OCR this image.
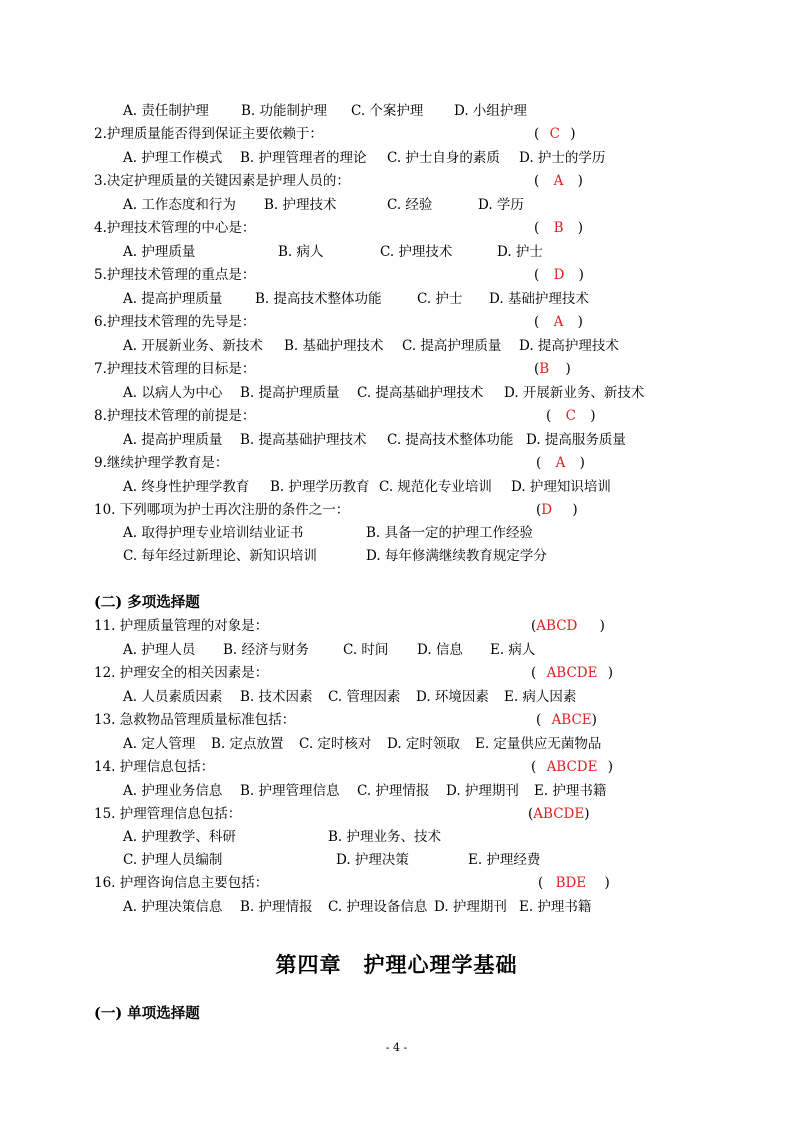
A. 责任制护理 B. 功能制护理 C. 个案护理 D. 小组护理
2.护理质量能否得到保证主要依赖于：	( C )
A. 护理工作模式 B. 护理管理者的理论 C. 护士自身的素质 D. 护士的学历
3.决定护理质量的关键因素是护理人员的：	( A )
A. 工作态度和行为 B. 护理技术	C. 经验	D. 学历
4.护理技术管理的中心是：	( B )
A. 护理质量	B. 病人	C. 护理技术	D. 护士
5.护理技术管理的重点是：	( D )
A. 提高护理质量 B. 提高技术整体功能	C. 护士 D. 基础护理技术
6.护理技术管理的先导是：	( A )
A. 开展新业务、新技术 B. 基础护理技术 C. 提高护理质量 D. 提高护理技术
7.护理技术管理的目标是：	(B )
A. 以病人为中心 B. 提高护理质量 C. 提高基础护理技术 D. 开展新业务、新技术
8.护理技术管理的前提是：	( C )
A. 提高护理质量 B. 提高基础护理技术 C. 提高技术整体功能 D. 提高服务质量
9.继续护理学教育是：	( A )
A. 终身性护理学教育 B. 护理学历教育 C. 规范化专业培训 D. 护理知识培训
10. 下列哪项为护士再次注册的条件之一：	(D )
A. 取得护理专业培训结业证书	B. 具备一定的护理工作经验
C. 每年经过新理论、新知识培训	D. 每年修满继续教育规定学分
(二) 多项选择题
11. 护理质量管理的对象是：	(ABCD )
A. 护理人员 B. 经济与财务	C. 时间 D. 信息 E. 病人
12. 护理安全的相关因素是：	( ABCDE )
A. 人员素质因素 B. 技术因素 C. 管理因素 D. 环境因素 E. 病人因素
13. 急救物品管理质量标准包括：	( ABCE)
A. 定人管理 B. 定点放置 C. 定时核对 D. 定时领取 E. 定量供应无菌物品
14. 护理信息包括：	( ABCDE )
A. 护理业务信息 B. 护理管理信息 C. 护理情报 D. 护理期刊 E. 护理书籍
15. 护理管理信息包括：	(ABCDE)
A. 护理教学、科研	B. 护理业务、技术
C. 护理人员编制	D. 护理决策	E. 护理经费
16. 护理咨询信息主要包括：	( BDE )
A. 护理决策信息 B. 护理情报 C. 护理设备信息 D. 护理期刊 E. 护理书籍
第四章　护理心理学基础
(一) 单项选择题
- 4 -
